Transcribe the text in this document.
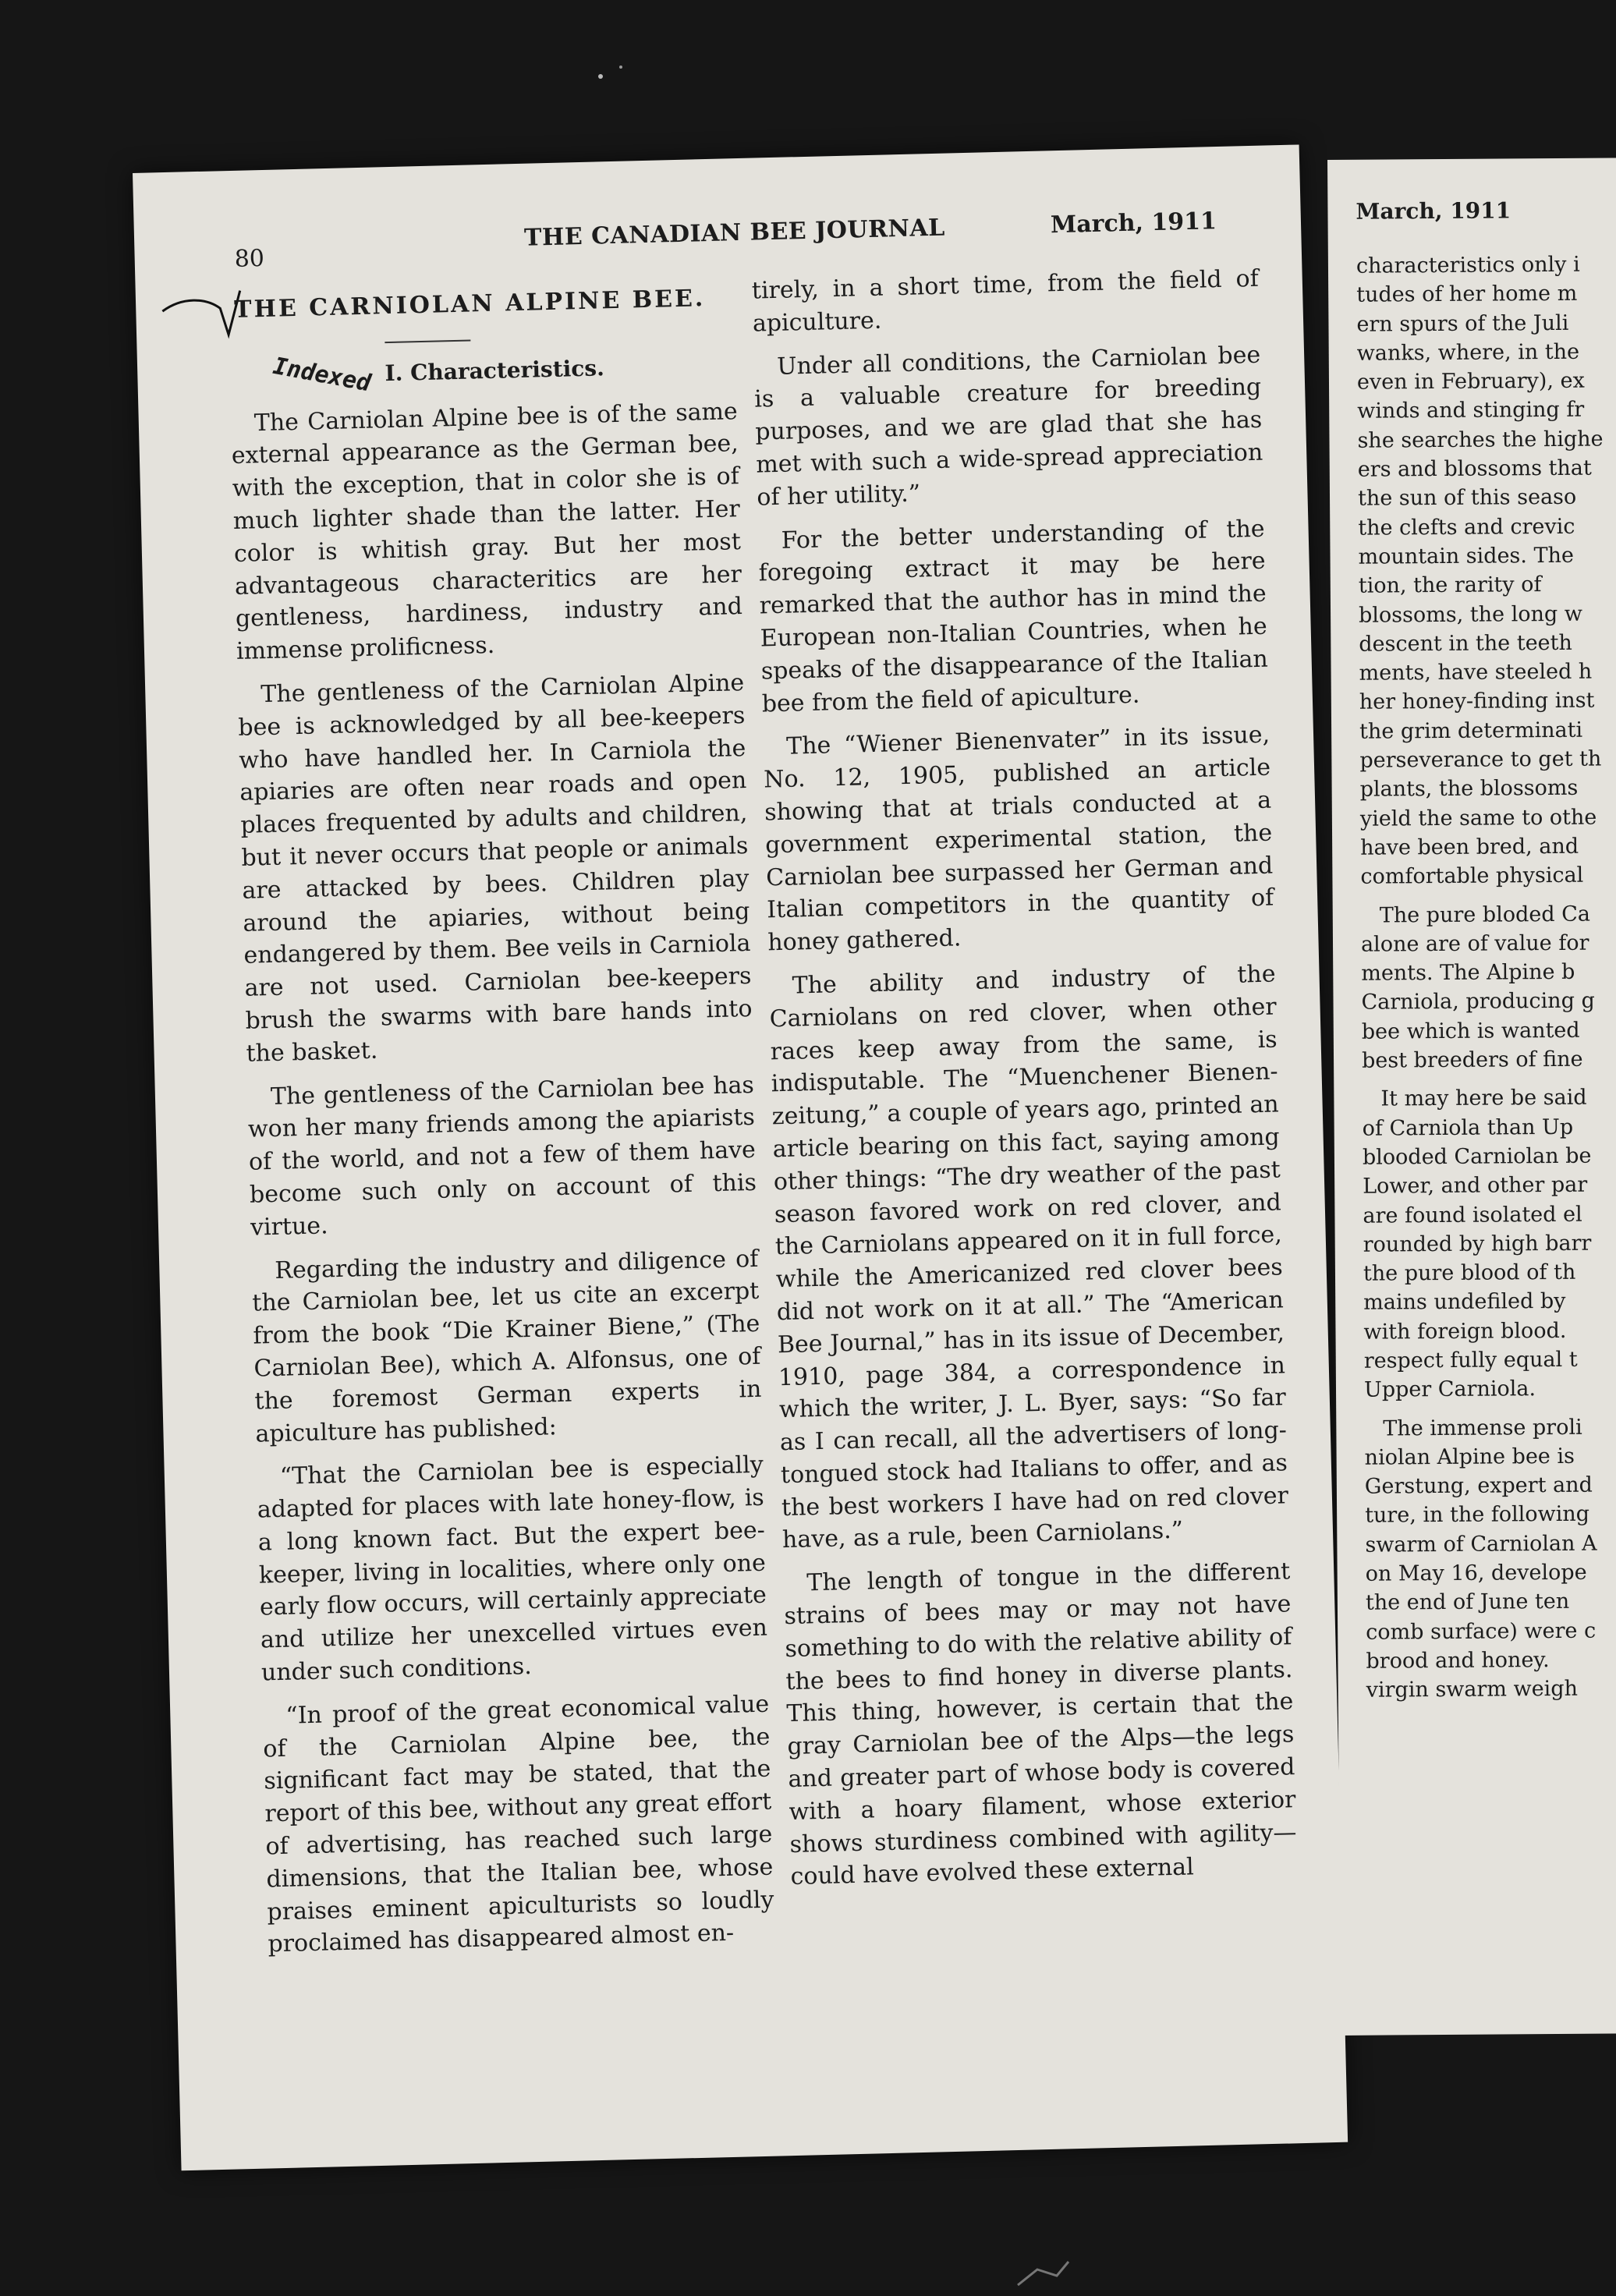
80
THE CANADIAN BEE JOURNAL	March, 1911
THE CARNIOLAN ALPINE BEE.
Indexed I. Characteristics.

The Carniolan Alpine bee is of the same external appearance as the German bee, with the exception, that in color she is of much lighter shade than the latter. Her color is whitish gray. But her most advantageous characteritics are her gentleness, hardiness, industry and immense prolificness.

The gentleness of the Carniolan Alpine bee is acknowledged by all bee-keepers who have handled her. In Carniola the apiaries are often near roads and open places frequented by adults and children, but it never occurs that people or animals are attacked by bees. Children play around the apiaries, without being endangered by them. Bee veils in Carniola are not used. Carniolan bee-keepers brush the swarms with bare hands into the basket.

The gentleness of the Carniolan bee has won her many friends among the apiarists of the world, and not a few of them have become such only on account of this virtue.

Regarding the industry and diligence of the Carniolan bee, let us cite an excerpt from the book “Die Krainer Biene,” (The Carniolan Bee), which A. Alfonsus, one of the foremost German experts in apiculture has published:

“That the Carniolan bee is especially adapted for places with late honey-flow, is a long known fact. But the expert bee-keeper, living in localities, where only one early flow occurs, will certainly appreciate and utilize her unexcelled virtues even under such conditions.

“In proof of the great economical value of the Carniolan Alpine bee, the significant fact may be stated, that the report of this bee, without any great effort of advertising, has reached such large dimensions, that the Italian bee, whose praises eminent apiculturists so loudly proclaimed has disappeared almost en-

tirely, in a short time, from the field of apiculture.

Under all conditions, the Carniolan bee is a valuable creature for breeding purposes, and we are glad that she has met with such a wide-spread appreciation of her utility.”

For the better understanding of the foregoing extract it may be here remarked that the author has in mind the European non-Italian Countries, when he speaks of the disappearance of the Italian bee from the field of apiculture.

The “Wiener Bienenvater” in its issue, No. 12, 1905, published an article showing that at trials conducted at a government experimental station, the Carniolan bee surpassed her German and Italian competitors in the quantity of honey gathered.

The ability and industry of the Carniolans on red clover, when other races keep away from the same, is indisputable. The “Muenchener Bienen-zeitung,” a couple of years ago, printed an article bearing on this fact, saying among other things: “The dry weather of the past season favored work on red clover, and the Carniolans appeared on it in full force, while the Americanized red clover bees did not work on it at all.” The “American Bee Journal,” has in its issue of December, 1910, page 384, a correspondence in which the writer, J. L. Byer, says: “So far as I can recall, all the advertisers of long-tongued stock had Italians to offer, and as the best workers I have had on red clover have, as a rule, been Carniolans.”

The length of tongue in the different strains of bees may or may not have something to do with the relative ability of the bees to find honey in diverse plants. This thing, however, is certain that the gray Carniolan bee of the Alps—the legs and greater part of whose body is covered with a hoary filament, whose exterior shows sturdiness combined with agility—could have evolved these external

March, 1911

characteristics only i
tudes of her home m
ern spurs of the Juli
wanks, where, in the
even in February), ex
winds and stinging fr
she searches the highe
ers and blossoms that
the sun of this seaso
the clefts and crevic
mountain sides. The
tion, the rarity of
blossoms, the long w
descent in the teeth
ments, have steeled h
her honey-finding inst
the grim determinati
perseverance to get th
plants, the blossoms
yield the same to othe
have been bred, and
comfortable physical

The pure bloded Ca
alone are of value for
ments. The Alpine b
Carniola, producing g
bee which is wanted
best breeders of fine

It may here be said
of Carniola than Up
blooded Carniolan be
Lower, and other par
are found isolated el
rounded by high barr
the pure blood of th
mains undefiled by
with foreign blood.
respect fully equal t
Upper Carniola.

The immense proli
niolan Alpine bee is
Gerstung, expert and
ture, in the following
swarm of Carniolan A
on May 16, develope
the end of June ten
comb surface) were c
brood and honey.
virgin swarm weigh
